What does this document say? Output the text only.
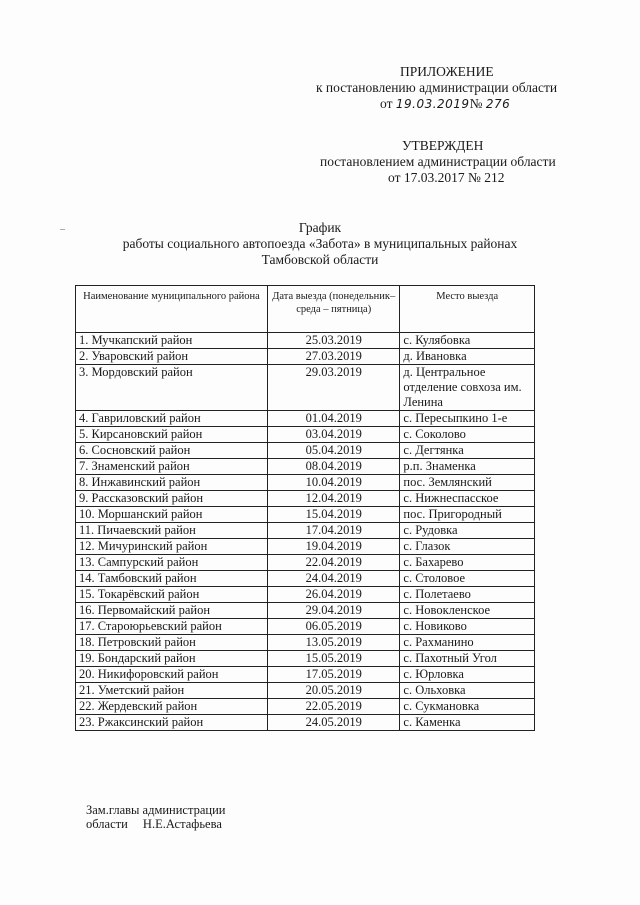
ПРИЛОЖЕНИЕ
к постановлению администрации области
от 19.03.2019№ 276
УТВЕРЖДЕН
постановлением администрации области
от 17.03.2017 № 212
–	График
работы социального автопоезда «Забота» в муниципальных районах
Тамбовской области
Наименование муниципального района	Дата выезда (понедельник–среда – пятница)	Место выезда
1. Мучкапский район	25.03.2019	с. Кулябовка
2. Уваровский район	27.03.2019	д. Ивановка
3. Мордовский район	29.03.2019	д. Центральное отделение совхоза им. Ленина
4. Гавриловский район	01.04.2019	с. Пересыпкино 1-е
5. Кирсановский район	03.04.2019	с. Соколово
6. Сосновский район	05.04.2019	с. Дегтянка
7. Знаменский район	08.04.2019	р.п. Знаменка
8. Инжавинский район	10.04.2019	пос. Землянский
9. Рассказовский район	12.04.2019	с. Нижнеспасское
10. Моршанский район	15.04.2019	пос. Пригородный
11. Пичаевский район	17.04.2019	с. Рудовка
12. Мичуринский район	19.04.2019	с. Глазок
13. Сампурский район	22.04.2019	с. Бахарево
14. Тамбовский район	24.04.2019	с. Столовое
15. Токарёвский район	26.04.2019	с. Полетаево
16. Первомайский район	29.04.2019	с. Новокленское
17. Староюрьевский район	06.05.2019	с. Новиково
18. Петровский район	13.05.2019	с. Рахманино
19. Бондарский район	15.05.2019	с. Пахотный Угол
20. Никифоровский район	17.05.2019	с. Юрловка
21. Уметский район	20.05.2019	с. Ольховка
22. Жердевский район	22.05.2019	с. Сукмановка
23. Ржаксинский район	24.05.2019	с. Каменка
Зам.главы администрации
области Н.Е.Астафьева
